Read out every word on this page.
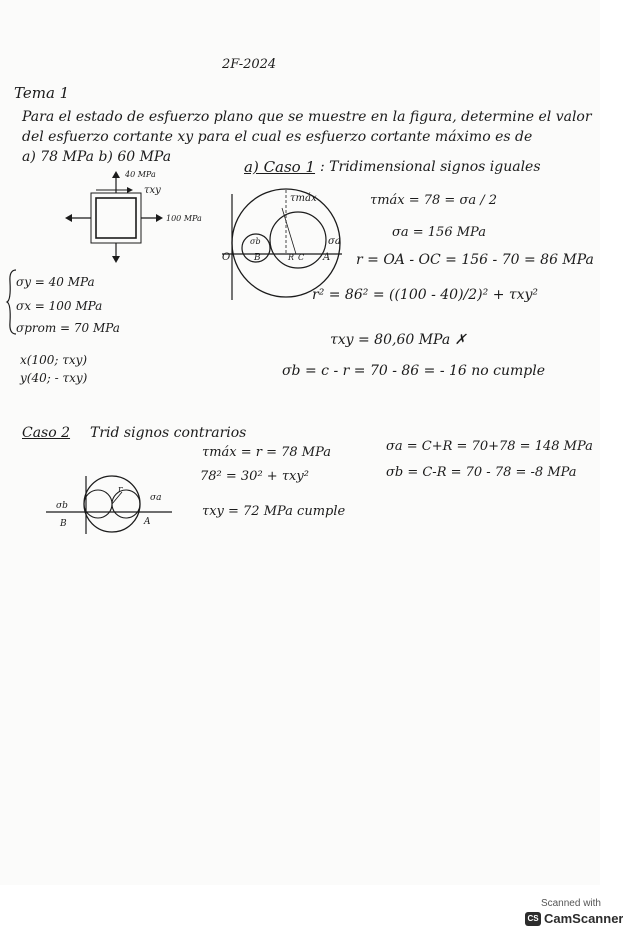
2F-2024
Tema 1
Para el estado de esfuerzo plano que se muestre en la figura, determine el valor
del esfuerzo cortante xy para el cual es esfuerzo cortante máximo es de
a) 78 MPa b) 60 MPa
a) Caso 1 : Tridimensional signos iguales
40 MPa
τxy
100 MPa
τmáx
σb	σa
O	B	R C A
τmáx = 78 = σa / 2
σa = 156 MPa
r = OA - OC = 156 - 70 = 86 MPa
r² = 86² = ((100 - 40)/2)² + τxy²
τxy = 80,60 MPa ✗
σb = c - r = 70 - 86 = - 16 no cumple
σy = 40 MPa
σx = 100 MPa
σprom = 70 MPa
x(100; τxy)
y(40; - τxy)
Caso 2 Trid signos contrarios
τmáx = r = 78 MPa
78² = 30² + τxy²
τxy = 72 MPa cumple
σa = C+R = 70+78 = 148 MPa
σb = C-R = 70 - 78 = -8 MPa
σb
σa
r
B	A
Scanned with
CS CamScanner
